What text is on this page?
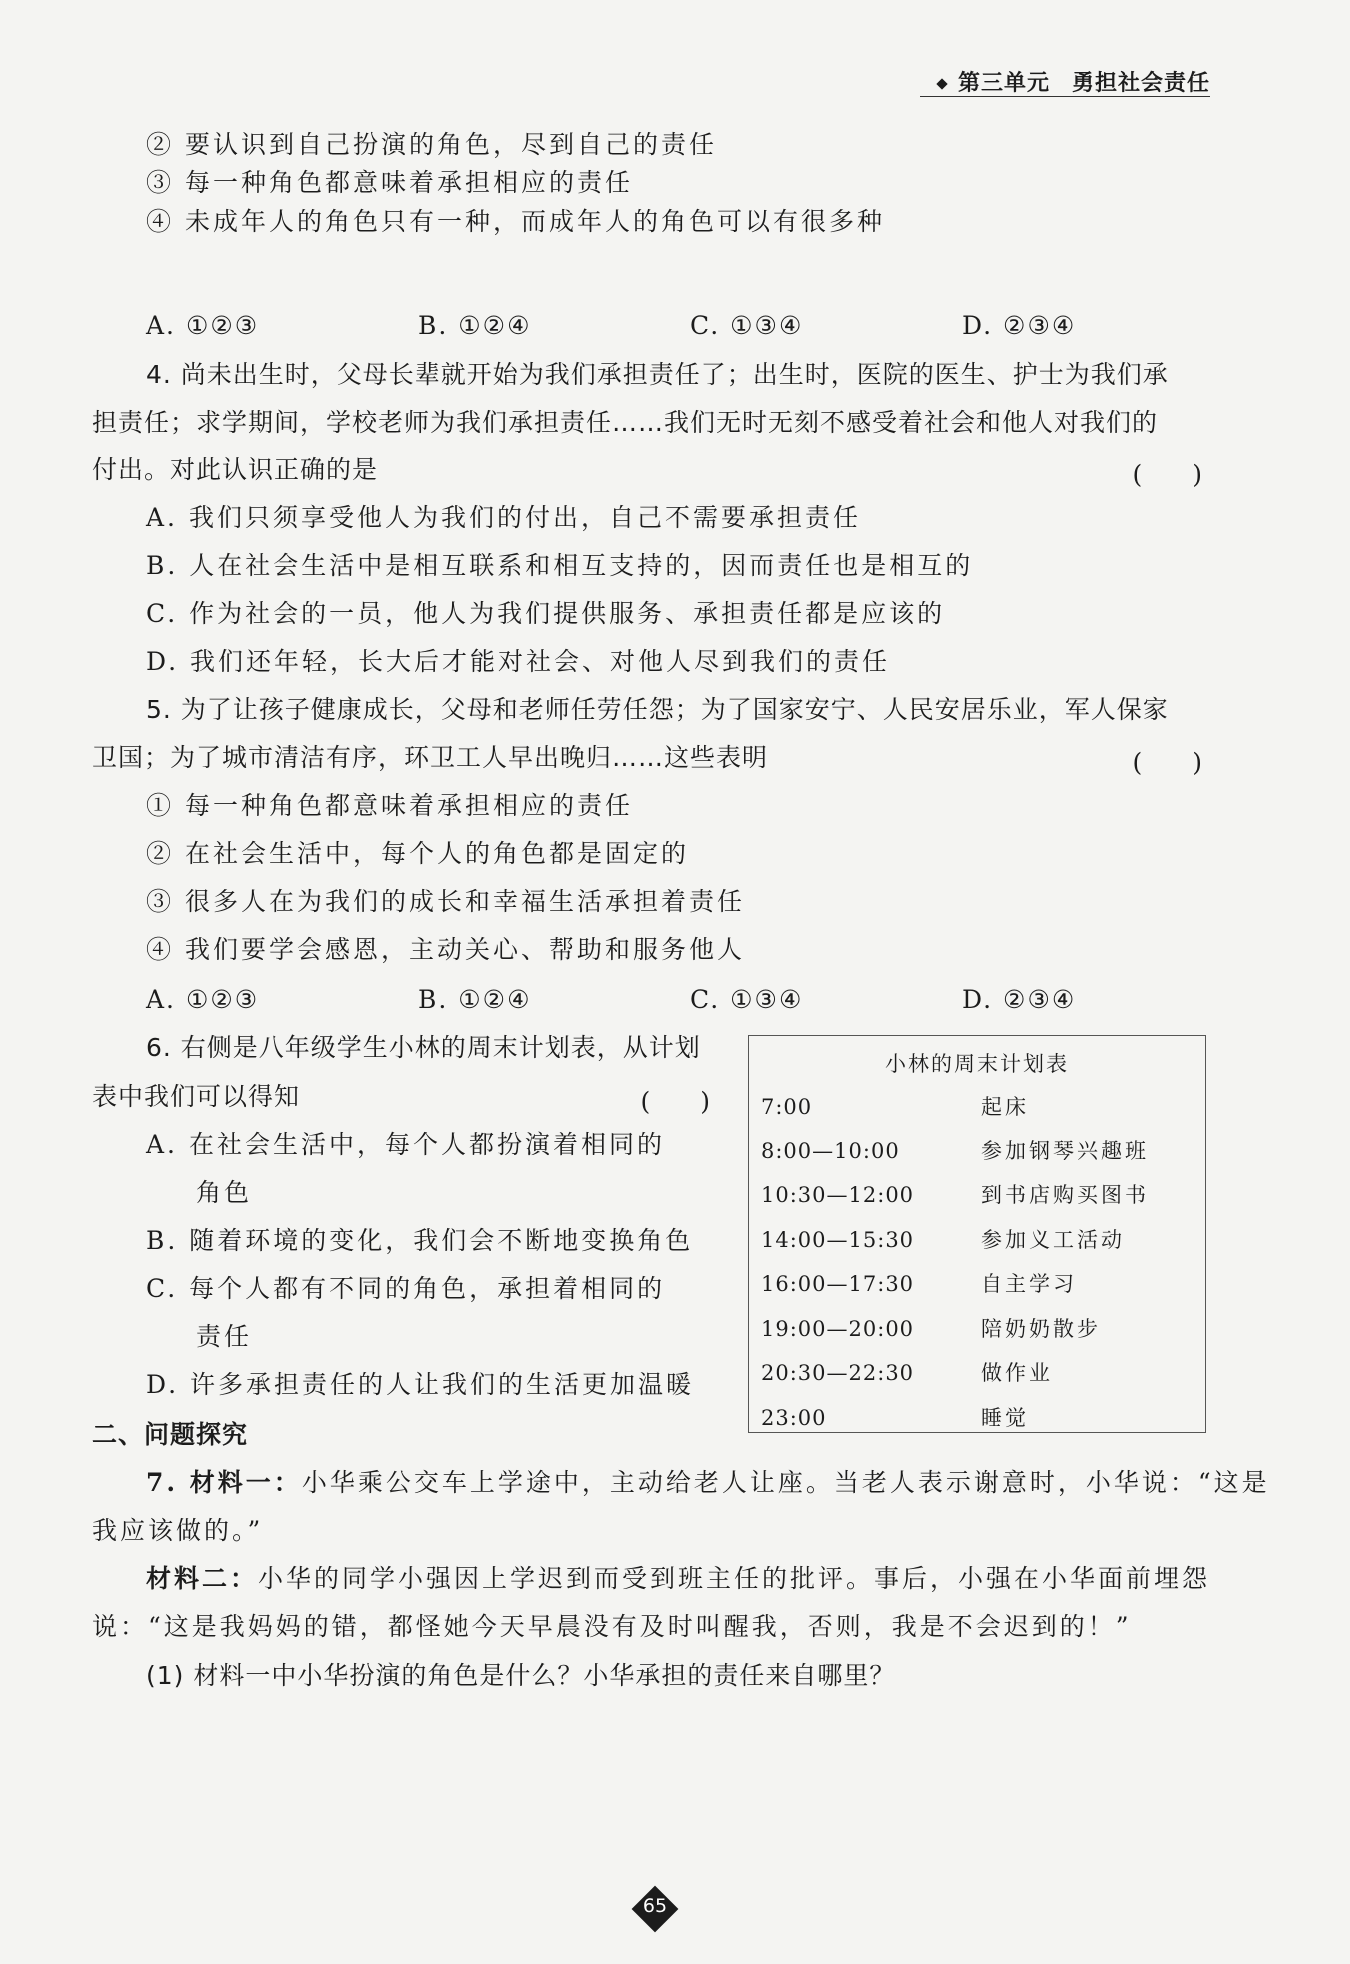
第三单元 勇担社会责任
② 要认识到自己扮演的角色，尽到自己的责任
③ 每一种角色都意味着承担相应的责任
④ 未成年人的角色只有一种，而成年人的角色可以有很多种
A. ①②③	B. ①②④	C. ①③④	D. ②③④
4. 尚未出生时，父母长辈就开始为我们承担责任了；出生时，医院的医生、护士为我们承
担责任；求学期间，学校老师为我们承担责任……我们无时无刻不感受着社会和他人对我们的
付出。对此认识正确的是	(　　)
A. 我们只须享受他人为我们的付出，自己不需要承担责任
B. 人在社会生活中是相互联系和相互支持的，因而责任也是相互的
C. 作为社会的一员，他人为我们提供服务、承担责任都是应该的
D. 我们还年轻，长大后才能对社会、对他人尽到我们的责任
5. 为了让孩子健康成长，父母和老师任劳任怨；为了国家安宁、人民安居乐业，军人保家
卫国；为了城市清洁有序，环卫工人早出晚归……这些表明	(　　)
① 每一种角色都意味着承担相应的责任
② 在社会生活中，每个人的角色都是固定的
③ 很多人在为我们的成长和幸福生活承担着责任
④ 我们要学会感恩，主动关心、帮助和服务他人
A. ①②③	B. ①②④	C. ①③④	D. ②③④
6. 右侧是八年级学生小林的周末计划表，从计划
表中我们可以得知	(　　)
A. 在社会生活中，每个人都扮演着相同的
角色
B. 随着环境的变化，我们会不断地变换角色
C. 每个人都有不同的角色，承担着相同的
责任
D. 许多承担责任的人让我们的生活更加温暖
小林的周末计划表
7:00	起床
8:00—10:00	参加钢琴兴趣班
10:30—12:00	到书店购买图书
14:00—15:30	参加义工活动
16:00—17:30	自主学习
19:00—20:00	陪奶奶散步
20:30—22:30	做作业
23:00	睡觉
二、问题探究
7. 材料一：小华乘公交车上学途中，主动给老人让座。当老人表示谢意时，小华说：“这是
我应该做的。”
材料二：小华的同学小强因上学迟到而受到班主任的批评。事后，小强在小华面前埋怨
说：“这是我妈妈的错，都怪她今天早晨没有及时叫醒我，否则，我是不会迟到的！”
(1) 材料一中小华扮演的角色是什么？小华承担的责任来自哪里？
65
